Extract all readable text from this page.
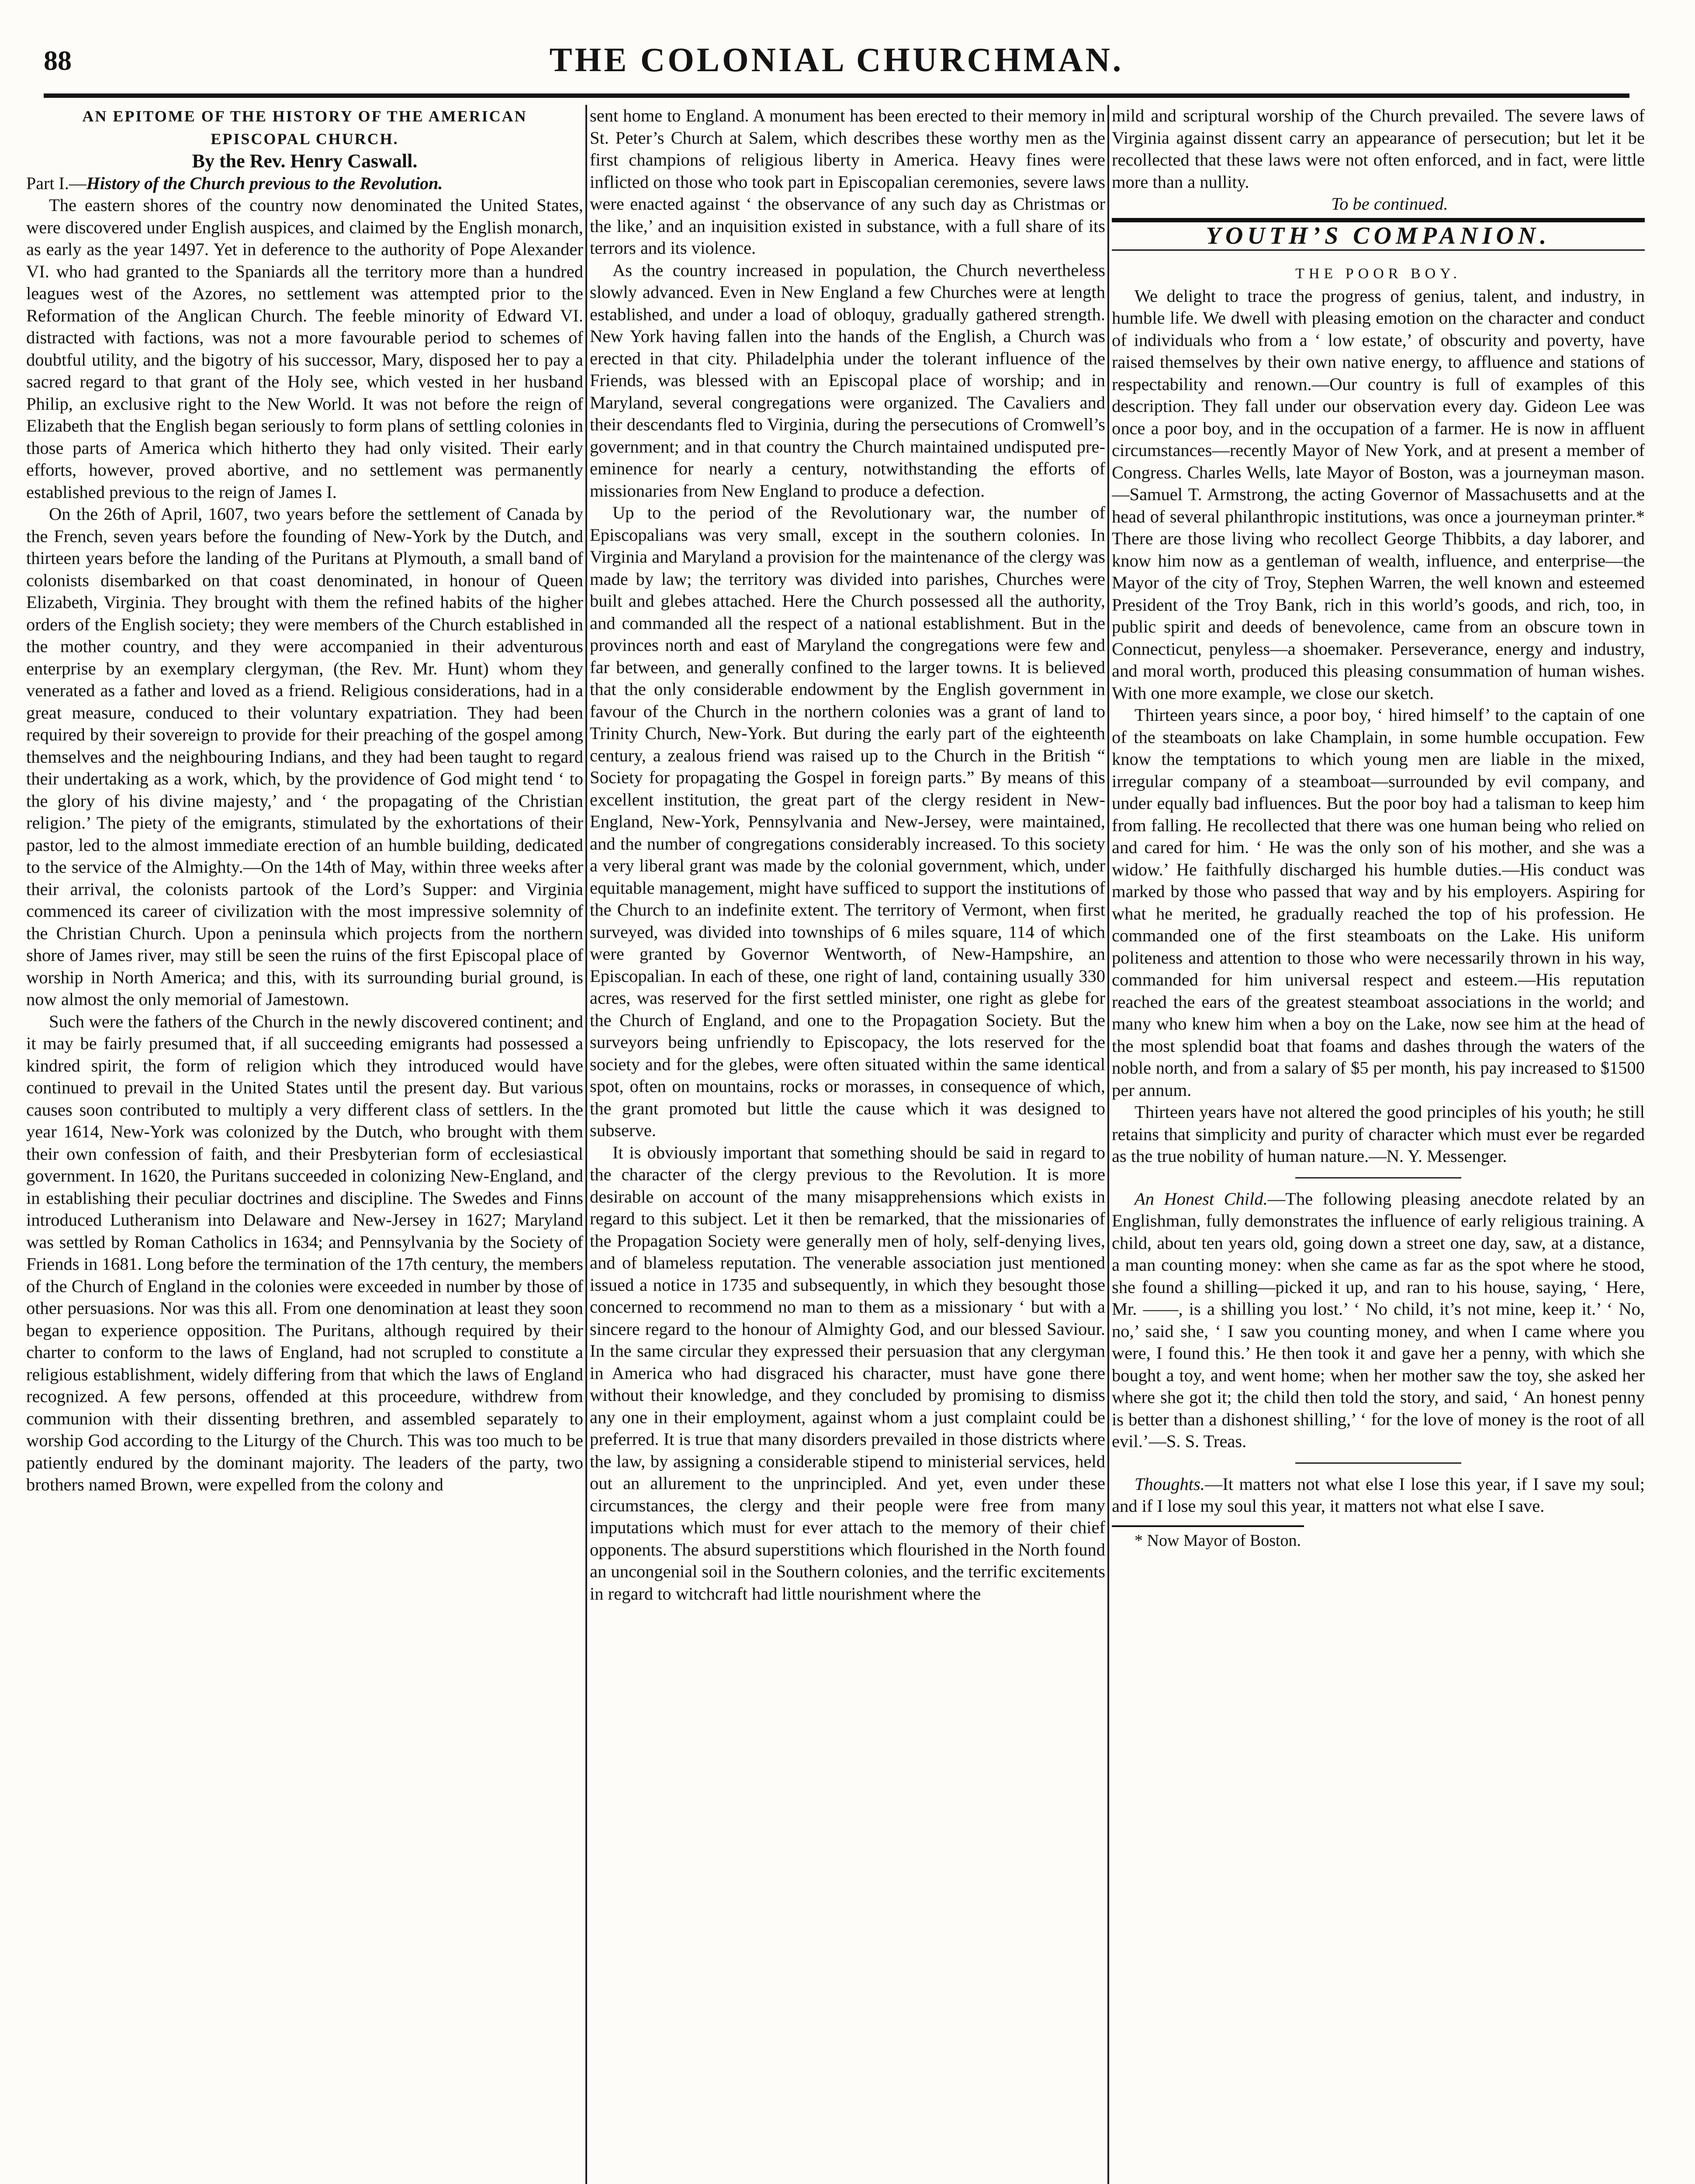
88	THE COLONIAL CHURCHMAN.

AN EPITOME OF THE HISTORY OF THE AMERICAN

EPISCOPAL CHURCH.

By the Rev. Henry Caswall.

Part I.—History of the Church previous to the Revolution.

The eastern shores of the country now denominated the United States, were discovered under English auspices, and claimed by the English monarch, as early as the year 1497. Yet in deference to the authority of Pope Alexander VI. who had granted to the Spaniards all the territory more than a hundred leagues west of the Azores, no settlement was attempted prior to the Reformation of the Anglican Church. The feeble minority of Edward VI. distracted with factions, was not a more favourable period to schemes of doubtful utility, and the bigotry of his successor, Mary, disposed her to pay a sacred regard to that grant of the Holy see, which vested in her husband Philip, an exclusive right to the New World. It was not before the reign of Elizabeth that the English began seriously to form plans of settling colonies in those parts of America which hitherto they had only visited. Their early efforts, however, proved abortive, and no settlement was permanently established previous to the reign of James I.

On the 26th of April, 1607, two years before the settlement of Canada by the French, seven years before the founding of New-York by the Dutch, and thirteen years before the landing of the Puritans at Plymouth, a small band of colonists disembarked on that coast denominated, in honour of Queen Elizabeth, Virginia. They brought with them the refined habits of the higher orders of the English society; they were members of the Church established in the mother country, and they were accompanied in their adventurous enterprise by an exemplary clergyman, (the Rev. Mr. Hunt) whom they venerated as a father and loved as a friend. Religious considerations, had in a great measure, conduced to their voluntary expatriation. They had been required by their sovereign to provide for their preaching of the gospel among themselves and the neighbouring Indians, and they had been taught to regard their undertaking as a work, which, by the providence of God might tend ‘ to the glory of his divine majesty,’ and ‘ the propagating of the Christian religion.’ The piety of the emigrants, stimulated by the exhortations of their pastor, led to the almost immediate erection of an humble building, dedicated to the service of the Almighty.—On the 14th of May, within three weeks after their arrival, the colonists partook of the Lord’s Supper: and Virginia commenced its career of civilization with the most impressive solemnity of the Christian Church. Upon a peninsula which projects from the northern shore of James river, may still be seen the ruins of the first Episcopal place of worship in North America; and this, with its surrounding burial ground, is now almost the only memorial of Jamestown.

Such were the fathers of the Church in the newly discovered continent; and it may be fairly presumed that, if all succeeding emigrants had possessed a kindred spirit, the form of religion which they introduced would have continued to prevail in the United States until the present day. But various causes soon contributed to multiply a very different class of settlers. In the year 1614, New-York was colonized by the Dutch, who brought with them their own confession of faith, and their Presbyterian form of ecclesiastical government. In 1620, the Puritans succeeded in colonizing New-England, and in establishing their peculiar doctrines and discipline. The Swedes and Finns introduced Lutheranism into Delaware and New-Jersey in 1627; Maryland was settled by Roman Catholics in 1634; and Pennsylvania by the Society of Friends in 1681. Long before the termination of the 17th century, the members of the Church of England in the colonies were exceeded in number by those of other persuasions. Nor was this all. From one denomination at least they soon began to experience opposition. The Puritans, although required by their charter to conform to the laws of England, had not scrupled to constitute a religious establishment, widely differing from that which the laws of England recognized. A few persons, offended at this proceedure, withdrew from communion with their dissenting brethren, and assembled separately to worship God according to the Liturgy of the Church. This was too much to be patiently endured by the dominant majority. The leaders of the party, two brothers named Brown, were expelled from the colony and

sent home to England. A monument has been erected to their memory in St. Peter’s Church at Salem, which describes these worthy men as the first champions of religious liberty in America. Heavy fines were inflicted on those who took part in Episcopalian ceremonies, severe laws were enacted against ‘ the observance of any such day as Christmas or the like,’ and an inquisition existed in substance, with a full share of its terrors and its violence.

As the country increased in population, the Church nevertheless slowly advanced. Even in New England a few Churches were at length established, and under a load of obloquy, gradually gathered strength. New York having fallen into the hands of the English, a Church was erected in that city. Philadelphia under the tolerant influence of the Friends, was blessed with an Episcopal place of worship; and in Maryland, several congregations were organized. The Cavaliers and their descendants fled to Virginia, during the persecutions of Cromwell’s government; and in that country the Church maintained undisputed pre-eminence for nearly a century, notwithstanding the efforts of missionaries from New England to produce a defection.

Up to the period of the Revolutionary war, the number of Episcopalians was very small, except in the southern colonies. In Virginia and Maryland a provision for the maintenance of the clergy was made by law; the territory was divided into parishes, Churches were built and glebes attached. Here the Church possessed all the authority, and commanded all the respect of a national establishment. But in the provinces north and east of Maryland the congregations were few and far between, and generally confined to the larger towns. It is believed that the only considerable endowment by the English government in favour of the Church in the northern colonies was a grant of land to Trinity Church, New-York. But during the early part of the eighteenth century, a zealous friend was raised up to the Church in the British “ Society for propagating the Gospel in foreign parts.” By means of this excellent institution, the great part of the clergy resident in New-England, New-York, Pennsylvania and New-Jersey, were maintained, and the number of congregations considerably increased. To this society a very liberal grant was made by the colonial government, which, under equitable management, might have sufficed to support the institutions of the Church to an indefinite extent. The territory of Vermont, when first surveyed, was divided into townships of 6 miles square, 114 of which were granted by Governor Wentworth, of New-Hampshire, an Episcopalian. In each of these, one right of land, containing usually 330 acres, was reserved for the first settled minister, one right as glebe for the Church of England, and one to the Propagation Society. But the surveyors being unfriendly to Episcopacy, the lots reserved for the society and for the glebes, were often situated within the same identical spot, often on mountains, rocks or morasses, in consequence of which, the grant promoted but little the cause which it was designed to subserve.

It is obviously important that something should be said in regard to the character of the clergy previous to the Revolution. It is more desirable on account of the many misapprehensions which exists in regard to this subject. Let it then be remarked, that the missionaries of the Propagation Society were generally men of holy, self-denying lives, and of blameless reputation. The venerable association just mentioned issued a notice in 1735 and subsequently, in which they besought those concerned to recommend no man to them as a missionary ‘ but with a sincere regard to the honour of Almighty God, and our blessed Saviour. In the same circular they expressed their persuasion that any clergyman in America who had disgraced his character, must have gone there without their knowledge, and they concluded by promising to dismiss any one in their employment, against whom a just complaint could be preferred. It is true that many disorders prevailed in those districts where the law, by assigning a considerable stipend to ministerial services, held out an allurement to the unprincipled. And yet, even under these circumstances, the clergy and their people were free from many imputations which must for ever attach to the memory of their chief opponents. The absurd superstitions which flourished in the North found an uncongenial soil in the Southern colonies, and the terrific excitements in regard to witchcraft had little nourishment where the

mild and scriptural worship of the Church prevailed. The severe laws of Virginia against dissent carry an appearance of persecution; but let it be recollected that these laws were not often enforced, and in fact, were little more than a nullity.

To be continued.

YOUTH’S COMPANION.

THE POOR BOY.

We delight to trace the progress of genius, talent, and industry, in humble life. We dwell with pleasing emotion on the character and conduct of individuals who from a ‘ low estate,’ of obscurity and poverty, have raised themselves by their own native energy, to affluence and stations of respectability and renown.—Our country is full of examples of this description. They fall under our observation every day. Gideon Lee was once a poor boy, and in the occupation of a farmer. He is now in affluent circumstances—recently Mayor of New York, and at present a member of Congress. Charles Wells, late Mayor of Boston, was a journeyman mason.—Samuel T. Armstrong, the acting Governor of Massachusetts and at the head of several philanthropic institutions, was once a journeyman printer.* There are those living who recollect George Thibbits, a day laborer, and know him now as a gentleman of wealth, influence, and enterprise—the Mayor of the city of Troy, Stephen Warren, the well known and esteemed President of the Troy Bank, rich in this world’s goods, and rich, too, in public spirit and deeds of benevolence, came from an obscure town in Connecticut, penyless—a shoemaker. Perseverance, energy and industry, and moral worth, produced this pleasing consummation of human wishes. With one more example, we close our sketch.

Thirteen years since, a poor boy, ‘ hired himself’ to the captain of one of the steamboats on lake Champlain, in some humble occupation. Few know the temptations to which young men are liable in the mixed, irregular company of a steamboat—surrounded by evil company, and under equally bad influences. But the poor boy had a talisman to keep him from falling. He recollected that there was one human being who relied on and cared for him. ‘ He was the only son of his mother, and she was a widow.’ He faithfully discharged his humble duties.—His conduct was marked by those who passed that way and by his employers. Aspiring for what he merited, he gradually reached the top of his profession. He commanded one of the first steamboats on the Lake. His uniform politeness and attention to those who were necessarily thrown in his way, commanded for him universal respect and esteem.—His reputation reached the ears of the greatest steamboat associations in the world; and many who knew him when a boy on the Lake, now see him at the head of the most splendid boat that foams and dashes through the waters of the noble north, and from a salary of $5 per month, his pay increased to $1500 per annum.

Thirteen years have not altered the good principles of his youth; he still retains that simplicity and purity of character which must ever be regarded as the true nobility of human nature.—N. Y. Messenger.

An Honest Child.—The following pleasing anecdote related by an Englishman, fully demonstrates the influence of early religious training. A child, about ten years old, going down a street one day, saw, at a distance, a man counting money: when she came as far as the spot where he stood, she found a shilling—picked it up, and ran to his house, saying, ‘ Here, Mr. ——, is a shilling you lost.’ ‘ No child, it’s not mine, keep it.’ ‘ No, no,’ said she, ‘ I saw you counting money, and when I came where you were, I found this.’ He then took it and gave her a penny, with which she bought a toy, and went home; when her mother saw the toy, she asked her where she got it; the child then told the story, and said, ‘ An honest penny is better than a dishonest shilling,’ ‘ for the love of money is the root of all evil.’—S. S. Treas.

Thoughts.—It matters not what else I lose this year, if I save my soul; and if I lose my soul this year, it matters not what else I save.

* Now Mayor of Boston.
